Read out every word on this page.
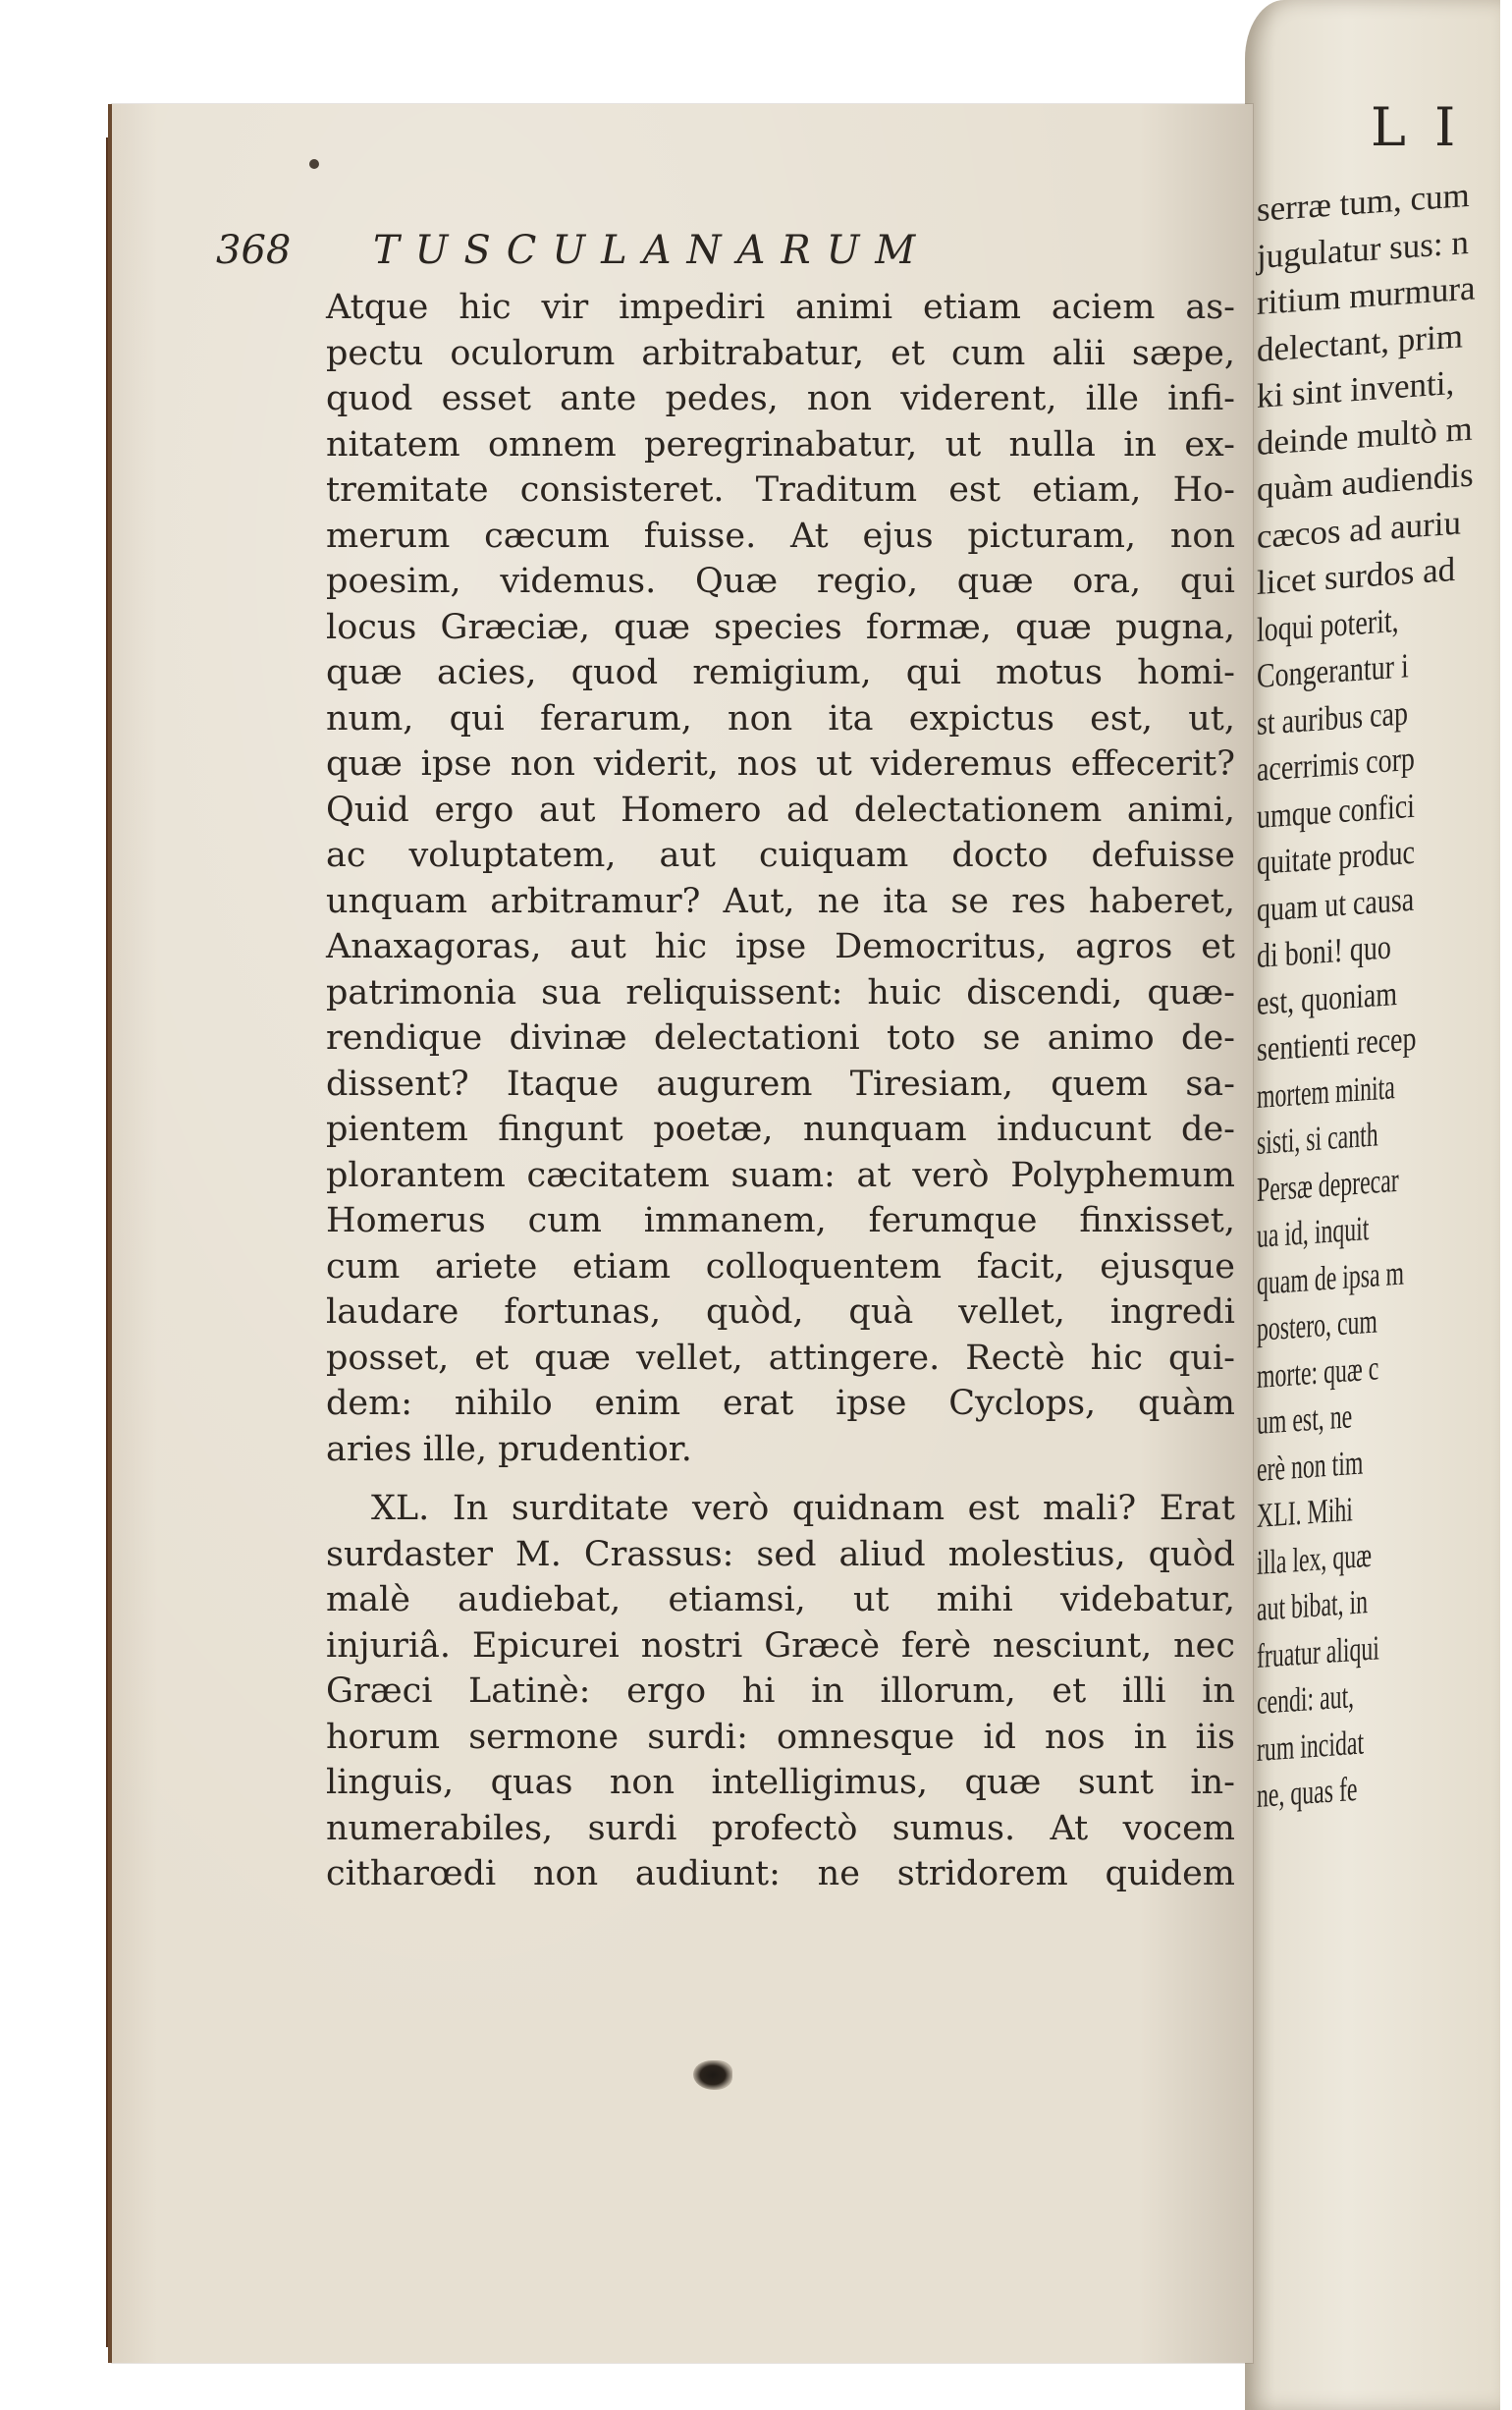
L I
serræ tum, cum
jugulatur sus: n
ritium murmura
delectant, prim
ki sint inventi,
deinde multò m
quàm audiendis
cæcos ad auriu
licet surdos ad
loqui poterit,
Congerantur i
st auribus cap
acerrimis corp
umque confici
quitate produc
quam ut causa
di boni! quo
est, quoniam
sentienti recep
mortem minita
sisti, si canth
Persæ deprecar
ua id, inquit
quam de ipsa m
postero, cum
morte: quæ c
um est, ne
erè non tim
XLI. Mihi
illa lex, quæ
aut bibat, in
fruatur aliqui
cendi: aut,
rum incidat
ne, quas fe
368 TUSCULANARUM
Atque hic vir impediri animi etiam aciem as-
pectu oculorum arbitrabatur, et cum alii sæpe,
quod esset ante pedes, non viderent, ille infi-
nitatem omnem peregrinabatur, ut nulla in ex-
tremitate consisteret. Traditum est etiam, Ho-
merum cæcum fuisse. At ejus picturam, non
poesim, videmus. Quæ regio, quæ ora, qui
locus Græciæ, quæ species formæ, quæ pugna,
quæ acies, quod remigium, qui motus homi-
num, qui ferarum, non ita expictus est, ut,
quæ ipse non viderit, nos ut videremus effecerit?
Quid ergo aut Homero ad delectationem animi,
ac voluptatem, aut cuiquam docto defuisse
unquam arbitramur? Aut, ne ita se res haberet,
Anaxagoras, aut hic ipse Democritus, agros et
patrimonia sua reliquissent: huic discendi, quæ-
rendique divinæ delectationi toto se animo de-
dissent? Itaque augurem Tiresiam, quem sa-
pientem fingunt poetæ, nunquam inducunt de-
plorantem cæcitatem suam: at verò Polyphemum
Homerus cum immanem, ferumque finxisset,
cum ariete etiam colloquentem facit, ejusque
laudare fortunas, quòd, quà vellet, ingredi
posset, et quæ vellet, attingere. Rectè hic qui-
dem: nihilo enim erat ipse Cyclops, quàm
aries ille, prudentior.
XL. In surditate verò quidnam est mali? Erat
surdaster M. Crassus: sed aliud molestius, quòd
malè audiebat, etiamsi, ut mihi videbatur,
injuriâ. Epicurei nostri Græcè ferè nesciunt, nec
Græci Latinè: ergo hi in illorum, et illi in
horum sermone surdi: omnesque id nos in iis
linguis, quas non intelligimus, quæ sunt in-
numerabiles, surdi profectò sumus. At vocem
citharœdi non audiunt: ne stridorem quidem
